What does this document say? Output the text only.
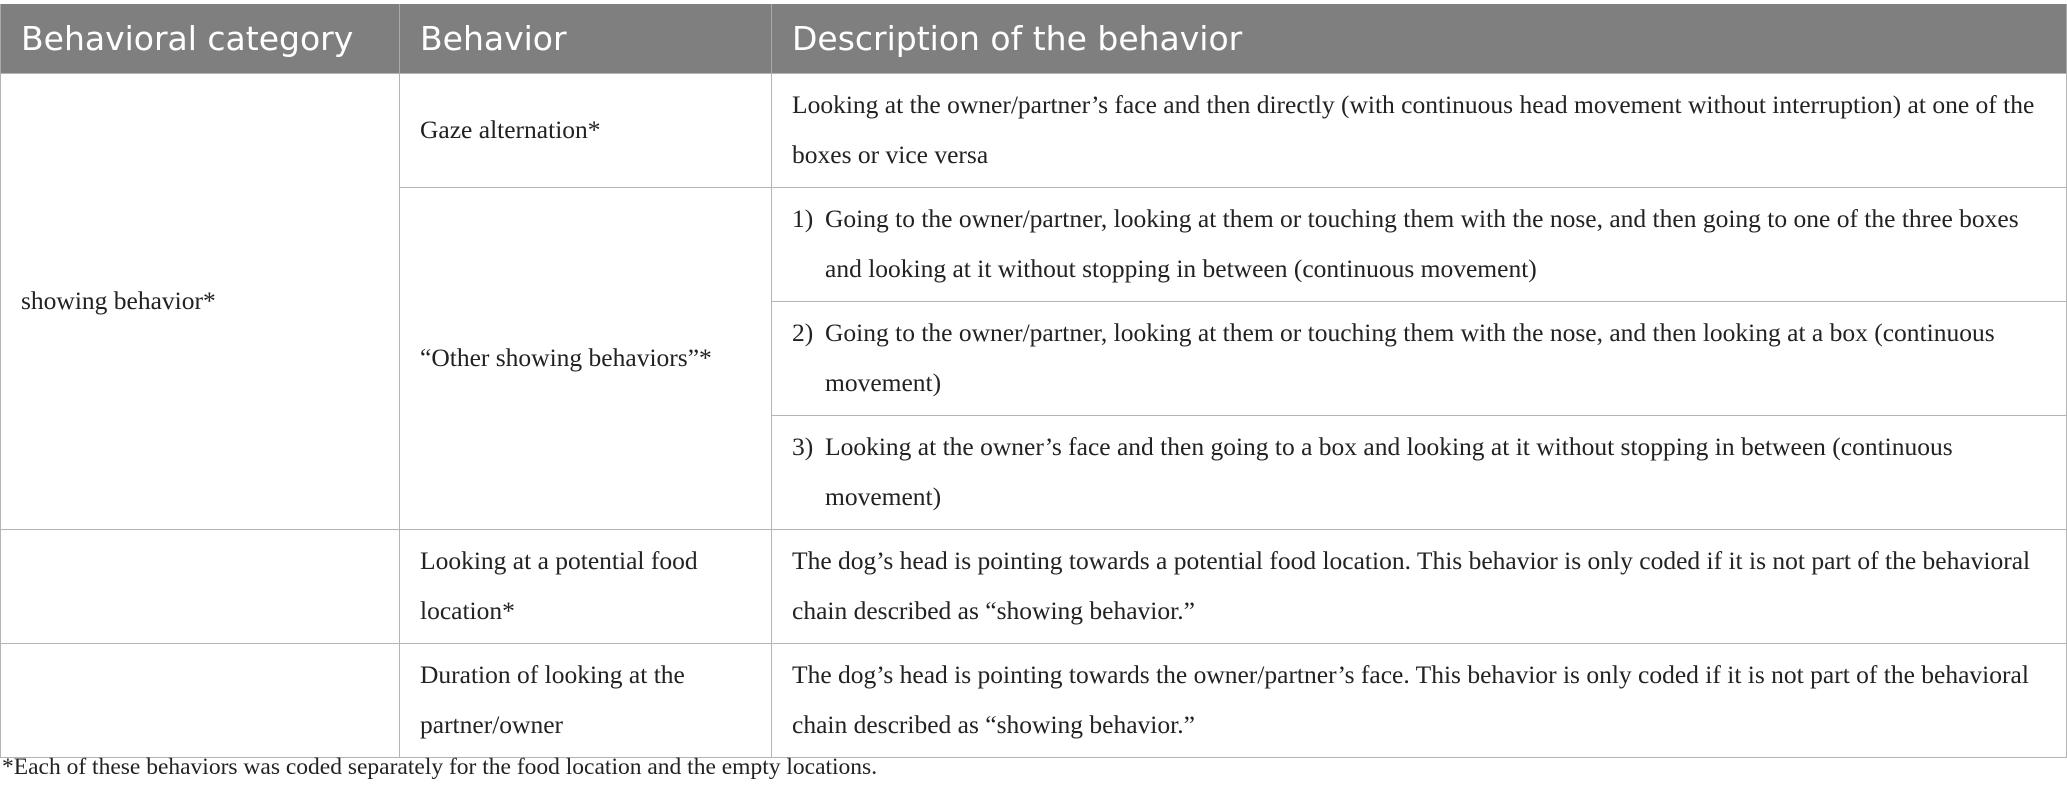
Behavioral category	Behavior	Description of the behavior
showing behavior*	Gaze alternation*	Looking at the owner/partner’s face and then directly (with continuous head movement without interruption) at one of the boxes or vice versa
	“Other showing behaviors”*	1) Going to the owner/partner, looking at them or touching them with the nose, and then going to one of the three boxes and looking at it without stopping in between (continuous movement)

		2) Going to the owner/partner, looking at them or touching them with the nose, and then looking at a box (continuous movement)

		3) Looking at the owner’s face and then going to a box and looking at it without stopping in between (continuous movement)

	Looking at a potential food location*	The dog’s head is pointing towards a potential food location. This behavior is only coded if it is not part of the behavioral chain described as “showing behavior.”
	Duration of looking at the partner/owner	The dog’s head is pointing towards the owner/partner’s face. This behavior is only coded if it is not part of the behavioral chain described as “showing behavior.”
*Each of these behaviors was coded separately for the food location and the empty locations.
